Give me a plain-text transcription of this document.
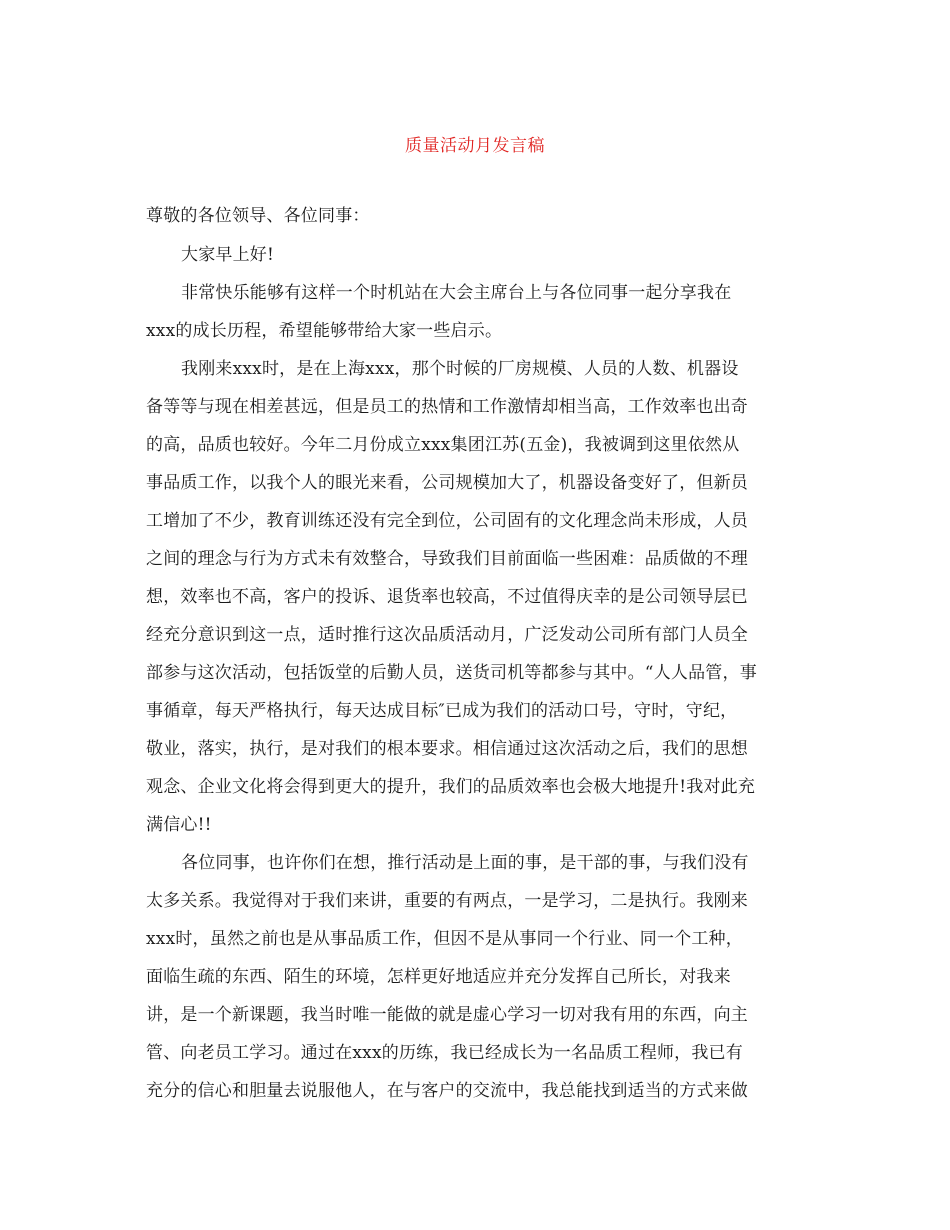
质量活动月发言稿
尊敬的各位领导、各位同事：
大家早上好!
非常快乐能够有这样一个时机站在大会主席台上与各位同事一起分享我在
xxx的成长历程，希望能够带给大家一些启示。
我刚来xxx时，是在上海xxx，那个时候的厂房规模、人员的人数、机器设
备等等与现在相差甚远，但是员工的热情和工作激情却相当高，工作效率也出奇
的高，品质也较好。今年二月份成立xxx集团江苏(五金)，我被调到这里依然从
事品质工作，以我个人的眼光来看，公司规模加大了，机器设备变好了，但新员
工增加了不少，教育训练还没有完全到位，公司固有的文化理念尚未形成，人员
之间的理念与行为方式未有效整合，导致我们目前面临一些困难：品质做的不理
想，效率也不高，客户的投诉、退货率也较高，不过值得庆幸的是公司领导层已
经充分意识到这一点，适时推行这次品质活动月，广泛发动公司所有部门人员全
部参与这次活动，包括饭堂的后勤人员，送货司机等都参与其中。“人人品管，事
事循章，每天严格执行，每天达成目标″已成为我们的活动口号，守时，守纪，
敬业，落实，执行，是对我们的根本要求。相信通过这次活动之后，我们的思想
观念、企业文化将会得到更大的提升，我们的品质效率也会极大地提升!我对此充
满信心!!
各位同事，也许你们在想，推行活动是上面的事，是干部的事，与我们没有
太多关系。我觉得对于我们来讲，重要的有两点，一是学习，二是执行。我刚来
xxx时，虽然之前也是从事品质工作，但因不是从事同一个行业、同一个工种，
面临生疏的东西、陌生的环境，怎样更好地适应并充分发挥自己所长，对我来
讲，是一个新课题，我当时唯一能做的就是虚心学习一切对我有用的东西，向主
管、向老员工学习。通过在xxx的历练，我已经成长为一名品质工程师，我已有
充分的信心和胆量去说服他人，在与客户的交流中，我总能找到适当的方式来做
